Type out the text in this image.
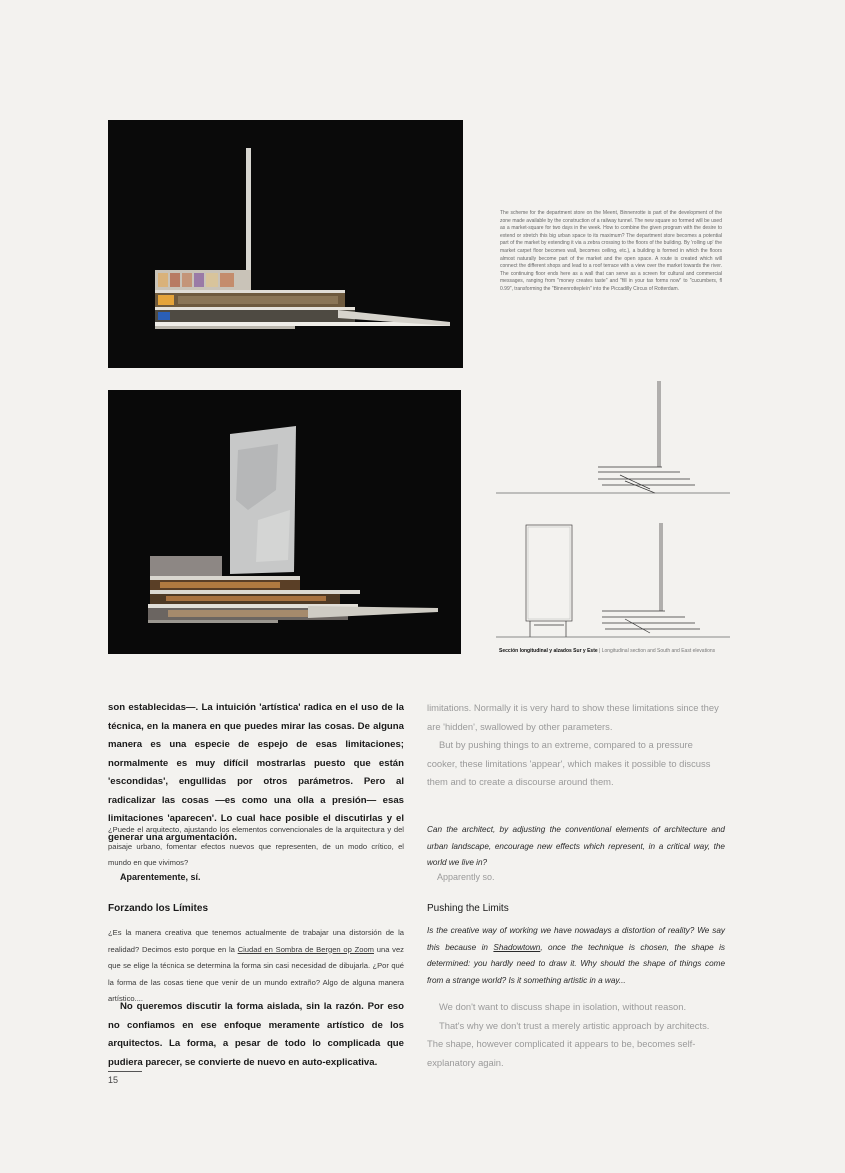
The scheme for the department store on the Meent, Binnenrotte is part of the development of the zone made available by the construction of a railway tunnel. The new square so formed will be used as a market-square for two days in the week. How to combine the given program with the desire to extend or stretch this big urban space to its maximum? The department store becomes a potential part of the market by extending it via a zebra crossing to the floors of the building. By 'rolling up' the market carpet floor becomes wall, becomes ceiling, etc.), a building is formed in which the floors almost naturally become part of the market and the open space. A route is created which will connect the different shops and lead to a roof terrace with a view over the market towards the river. The continuing floor ends here as a wall that can serve as a screen for cultural and commercial messages, ranging from "money creates taste" and "fill in your tax forms now" to "cucumbers, fl 0.99", transforming the "Binnenrottepleín" into the Piccadilly Circus of Rotterdam.
Sección longitudinal y alzados Sur y Este | Longitudinal section and South and East elevations

son establecidas—. La intuición 'artística' radica en el uso de la técnica, en la manera en que puedes mirar las cosas. De alguna manera es una especie de espejo de esas limitaciones; normalmente es muy difícil mostrarlas puesto que están 'escondidas', engullidas por otros parámetros. Pero al radicalizar las cosas —es como una olla a presión— esas limitaciones 'aparecen'. Lo cual hace posible el discutirlas y el generar una argumentación.

limitations. Normally it is very hard to show these limitations since they are 'hidden', swallowed by other parameters.

But by pushing things to an extreme, compared to a pressure cooker, these limitations 'appear', which makes it possible to discuss them and to create a discourse around them.

¿Puede el arquitecto, ajustando los elementos convencionales de la arquitectura y del paisaje urbano, fomentar efectos nuevos que representen, de un modo crítico, el mundo en que vivimos?

Aparentemente, sí.

Can the architect, by adjusting the conventional elements of architecture and urban landscape, encourage new effects which represent, in a critical way, the world we live in?

Apparently so.

Forzando los Límites	Pushing the Limits

¿Es la manera creativa que tenemos actualmente de trabajar una distorsión de la realidad? Decimos esto porque en la Ciudad en Sombra de Bergen op Zoom una vez que se elige la técnica se determina la forma sin casi necesidad de dibujarla. ¿Por qué la forma de las cosas tiene que venir de un mundo extraño? Algo de alguna manera artístico....

Is the creative way of working we have nowadays a distortion of reality? We say this because in Shadowtown, once the technique is chosen, the shape is determined: you hardly need to draw it. Why should the shape of things come from a strange world? Is it something artistic in a way...

No queremos discutir la forma aislada, sin la razón. Por eso no confiamos en ese enfoque meramente artístico de los arquitectos. La forma, a pesar de todo lo complicada que pudiera parecer, se convierte de nuevo en auto-explicativa.

We don't want to discuss shape in isolation, without reason.

That's why we don't trust a merely artistic approach by architects. The shape, however complicated it appears to be, becomes self-explanatory again.

15
